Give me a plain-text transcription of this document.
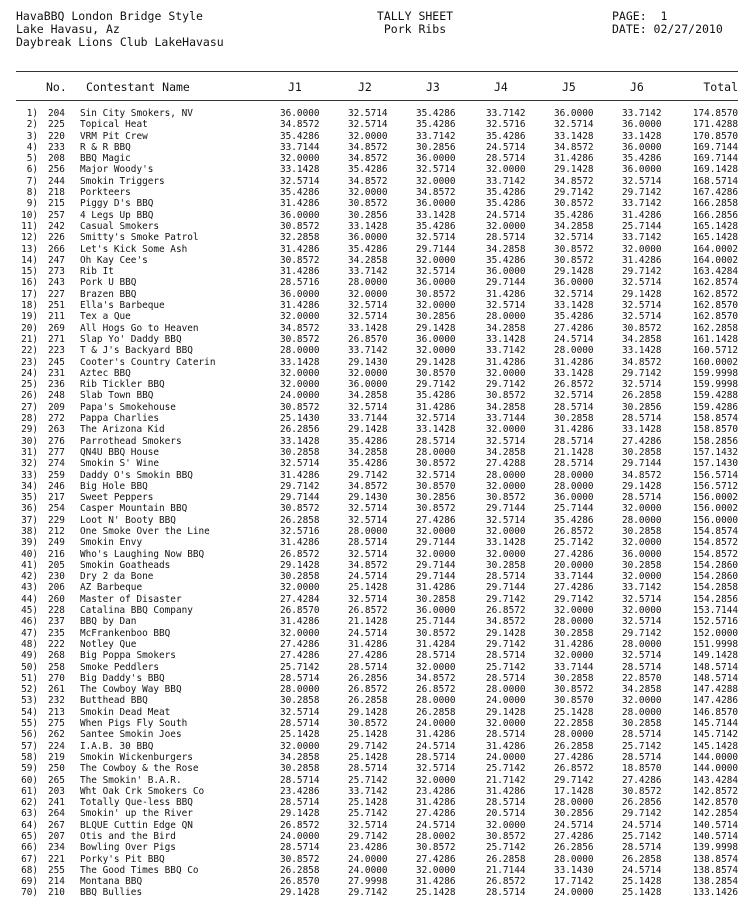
HavaBBQ London Bridge Style
Lake Havasu, Az
Daybreak Lions Club LakeHavasu
TALLY SHEET
Pork Ribs
PAGE:  1
DATE: 02/27/2010
No. Contestant Name	J1	J2	J3	J4	J5	J6	Total
1) 204	Sin City Smokers, NV	36.0000	32.5714	35.4286	33.7142	36.0000	33.7142	174.8570
2) 225	Topical Heat	34.8572	32.5714	35.4286	32.5716	32.5714	36.0000	171.4288
3) 220	VRM Pit Crew	35.4286	32.0000	33.7142	35.4286	33.1428	33.1428	170.8570
4) 233	R & R BBQ	33.7144	34.8572	30.2856	24.5714	34.8572	36.0000	169.7144
5) 208	BBQ Magic	32.0000	34.8572	36.0000	28.5714	31.4286	35.4286	169.7144
6) 256	Major Woody's	33.1428	35.4286	32.5714	32.0000	29.1428	36.0000	169.1428
7) 244	Smokin Triggers	32.5714	34.8572	32.0000	33.7142	34.8572	32.5714	168.5714
8) 218	Porkteers	35.4286	32.0000	34.8572	35.4286	29.7142	29.7142	167.4286
9) 215	Piggy D's BBQ	31.4286	30.8572	36.0000	35.4286	30.8572	33.7142	166.2858
10) 257	4 Legs Up BBQ	36.0000	30.2856	33.1428	24.5714	35.4286	31.4286	166.2856
11) 242	Casual Smokers	30.8572	33.1428	35.4286	32.0000	34.2858	25.7144	165.1428
12) 226	Smitty's Smoke Patrol	32.2858	36.0000	32.5714	28.5714	32.5714	33.7142	165.1428
13) 266	Let's Kick Some Ash	31.4286	35.4286	29.7144	34.2858	30.8572	32.0000	164.0002
14) 247	Oh Kay Cee's	30.8572	34.2858	32.0000	35.4286	30.8572	31.4286	164.0002
15) 273	Rib It	31.4286	33.7142	32.5714	36.0000	29.1428	29.7142	163.4284
16) 243	Pork U BBQ	28.5716	28.0000	36.0000	29.7144	36.0000	32.5714	162.8574
17) 227	Brazen BBQ	36.0000	32.0000	30.8572	31.4286	32.5714	29.1428	162.8572
18) 251	Ella's Barbeque	31.4286	32.5714	32.0000	32.5714	33.1428	32.5714	162.8570
19) 211	Tex a Que	32.0000	32.5714	30.2856	28.0000	35.4286	32.5714	162.8570
20) 269	All Hogs Go to Heaven	34.8572	33.1428	29.1428	34.2858	27.4286	30.8572	162.2858
21) 271	Slap Yo' Daddy BBQ	30.8572	26.8570	36.0000	33.1428	24.5714	34.2858	161.1428
22) 223	T & J's Backyard BBQ	28.0000	33.7142	32.0000	33.7142	28.0000	33.1428	160.5712
23) 245	Cooter's Country Caterin	33.1428	29.1430	29.1428	31.4286	31.4286	34.8572	160.0002
24) 231	Aztec BBQ	32.0000	32.0000	30.8570	32.0000	33.1428	29.7142	159.9998
25) 236	Rib Tickler BBQ	32.0000	36.0000	29.7142	29.7142	26.8572	32.5714	159.9998
26) 248	Slab Town BBQ	24.0000	34.2858	35.4286	30.8572	32.5714	26.2858	159.4288
27) 209	Papa's Smokehouse	30.8572	32.5714	31.4286	34.2858	28.5714	30.2856	159.4286
28) 272	Pappa Charlies	25.1430	33.7144	32.5714	33.7144	30.2858	28.5714	158.8574
29) 263	The Arizona Kid	26.2856	29.1428	33.1428	32.0000	31.4286	33.1428	158.8570
30) 276	Parrothead Smokers	33.1428	35.4286	28.5714	32.5714	28.5714	27.4286	158.2856
31) 277	QN4U BBQ House	30.2858	34.2858	28.0000	34.2858	21.1428	30.2858	157.1432
32) 274	Smokin S' Wine	32.5714	35.4286	30.8572	27.4288	28.5714	29.7144	157.1430
33) 259	Daddy O's Smokin BBQ	31.4286	29.7142	32.5714	28.0000	28.0000	34.8572	156.5714
34) 246	Big Hole BBQ	29.7142	34.8572	30.8570	32.0000	28.0000	29.1428	156.5712
35) 217	Sweet Peppers	29.7144	29.1430	30.2856	30.8572	36.0000	28.5714	156.0002
36) 254	Casper Mountain BBQ	30.8572	32.5714	30.8572	29.7144	25.7144	32.0000	156.0002
37) 229	Loot N' Booty BBQ	26.2858	32.5714	27.4286	32.5714	35.4286	28.0000	156.0000
38) 212	One Smoke Over the Line	32.5716	28.0000	32.0000	32.0000	26.8572	30.2858	154.8574
39) 249	Smokin Envy	31.4286	28.5714	29.7144	33.1428	25.7142	32.0000	154.8572
40) 216	Who's Laughing Now BBQ	26.8572	32.5714	32.0000	32.0000	27.4286	36.0000	154.8572
41) 205	Smokin Goatheads	29.1428	34.8572	29.7144	30.2858	20.0000	30.2858	154.2860
42) 230	Dry 2 da Bone	30.2858	24.5714	29.7144	28.5714	33.7144	32.0000	154.2860
43) 206	AZ Barbeque	32.0000	25.1428	31.4286	29.7144	27.4286	33.7142	154.2858
44) 260	Master of Disaster	27.4284	32.5714	30.2858	29.7142	29.7142	32.5714	154.2856
45) 228	Catalina BBQ Company	26.8570	26.8572	36.0000	26.8572	32.0000	32.0000	153.7144
46) 237	BBQ by Dan	31.4286	21.1428	25.7144	34.8572	28.0000	32.5714	152.5716
47) 235	McFrankenboo BBQ	32.0000	24.5714	30.8572	29.1428	30.2858	29.7142	152.0000
48) 222	Notley Que	27.4286	31.4286	31.4284	29.7142	31.4286	28.0000	151.9998
49) 268	Big Poppa Smokers	27.4286	27.4286	28.5714	28.5714	32.0000	32.5714	149.1428
50) 258	Smoke Peddlers	25.7142	28.5714	32.0000	25.7142	33.7144	28.5714	148.5714
51) 270	Big Daddy's BBQ	28.5714	26.2856	34.8572	28.5714	30.2858	22.8570	148.5714
52) 261	The Cowboy Way BBQ	28.0000	26.8572	26.8572	28.0000	30.8572	34.2858	147.4288
53) 232	Butthead BBQ	30.2858	26.2858	28.0000	24.0000	30.8570	32.0000	147.4286
54) 213	Smokin Dead Meat	32.5714	29.1428	26.2858	29.1428	25.1428	28.0000	146.8570
55) 275	When Pigs Fly South	28.5714	30.8572	24.0000	32.0000	22.2858	30.2858	145.7144
56) 262	Santee Smokin Joes	25.1428	25.1428	31.4286	28.5714	28.0000	28.5714	145.7142
57) 224	I.A.B. 30 BBQ	32.0000	29.7142	24.5714	31.4286	26.2858	25.7142	145.1428
58) 219	Smokin Wickenburgers	34.2858	25.1428	28.5714	24.0000	27.4286	28.5714	144.0000
59) 250	The Cowboy & the Rose	30.2858	28.5714	32.5714	25.7142	26.8572	18.8570	144.0000
60) 265	The Smokin' B.A.R.	28.5714	25.7142	32.0000	21.7142	29.7142	27.4286	143.4284
61) 203	Wht Oak Crk Smokers Co	23.4286	33.7142	23.4286	31.4286	17.1428	30.8572	142.8572
62) 241	Totally Que-less BBQ	28.5714	25.1428	31.4286	28.5714	28.0000	26.2856	142.8570
63) 264	Smokin' up the River	29.1428	25.7142	27.4286	20.5714	30.2856	29.7142	142.2854
64) 267	BLQUE Cuttin Edge QN	26.8572	32.5714	24.5714	32.0000	24.5714	24.5714	140.5714
65) 207	Otis and the Bird	24.0000	29.7142	28.0002	30.8572	27.4286	25.7142	140.5714
66) 234	Bowling Over Pigs	28.5714	23.4286	30.8572	25.7142	26.2856	28.5714	139.9998
67) 221	Porky's Pit BBQ	30.8572	24.0000	27.4286	26.2858	28.0000	26.2858	138.8574
68) 255	The Good Times BBQ Co	26.2858	24.0000	32.0000	21.7144	33.1430	24.5714	138.8574
69) 214	Montana BBQ	26.8570	27.9998	31.4286	26.8572	17.7142	25.1428	138.2854
70) 210	BBQ Bullies	29.1428	29.7142	25.1428	28.5714	24.0000	25.1428	133.1426
